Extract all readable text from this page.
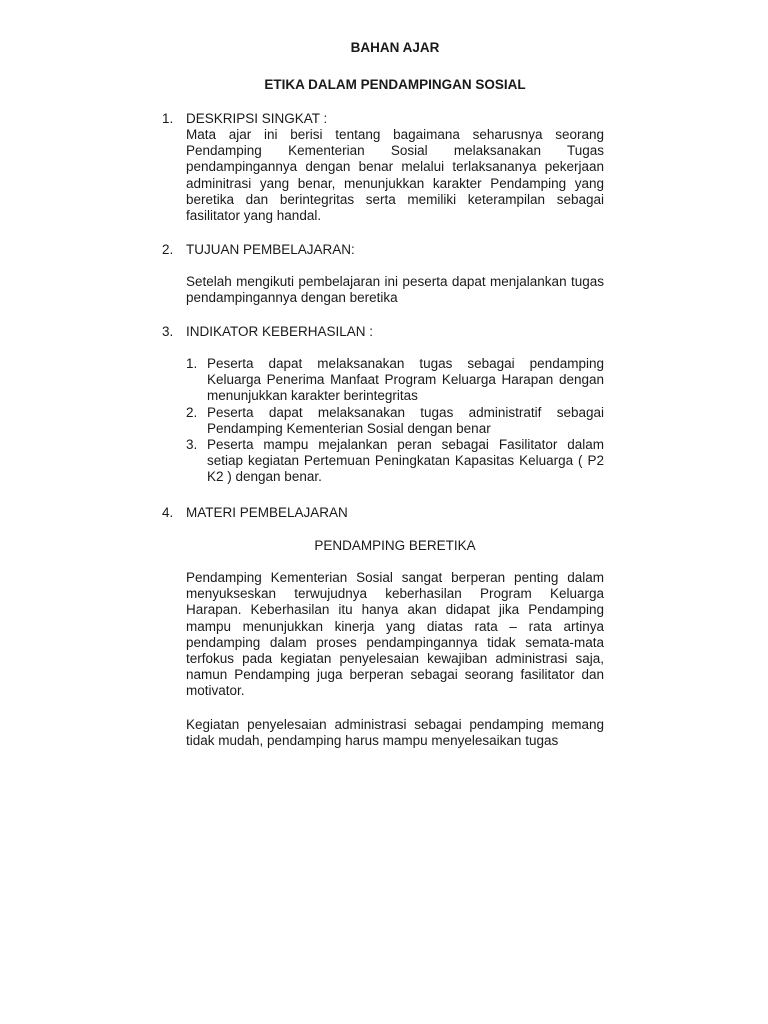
BAHAN AJAR
ETIKA DALAM PENDAMPINGAN SOSIAL
1. DESKRIPSI SINGKAT :

Mata ajar ini berisi tentang bagaimana seharusnya seorang Pendamping Kementerian Sosial melaksanakan Tugas pendampingannya dengan benar melalui terlaksananya pekerjaan adminitrasi yang benar, menunjukkan karakter Pendamping yang beretika dan berintegritas serta memiliki keterampilan sebagai fasilitator yang handal.

2. TUJUAN PEMBELAJARAN:

Setelah mengikuti pembelajaran ini peserta dapat menjalankan tugas pendampingannya dengan beretika

3. INDIKATOR KEBERHASILAN :
1. Peserta dapat melaksanakan tugas sebagai pendamping Keluarga Penerima Manfaat Program Keluarga Harapan dengan menunjukkan karakter berintegritas
2. Peserta dapat melaksanakan tugas administratif sebagai Pendamping Kementerian Sosial dengan benar
3. Peserta mampu mejalankan peran sebagai Fasilitator dalam setiap kegiatan Pertemuan Peningkatan Kapasitas Keluarga ( P2 K2 ) dengan benar.
4. MATERI PEMBELAJARAN
PENDAMPING BERETIKA

Pendamping Kementerian Sosial sangat berperan penting dalam menyukseskan terwujudnya keberhasilan Program Keluarga Harapan. Keberhasilan itu hanya akan didapat jika Pendamping mampu menunjukkan kinerja yang diatas rata – rata artinya pendamping dalam proses pendampingannya tidak semata-mata terfokus pada kegiatan penyelesaian kewajiban administrasi saja, namun Pendamping juga berperan sebagai seorang fasilitator dan motivator.

Kegiatan penyelesaian administrasi sebagai pendamping memang tidak mudah, pendamping harus mampu menyelesaikan tugas
